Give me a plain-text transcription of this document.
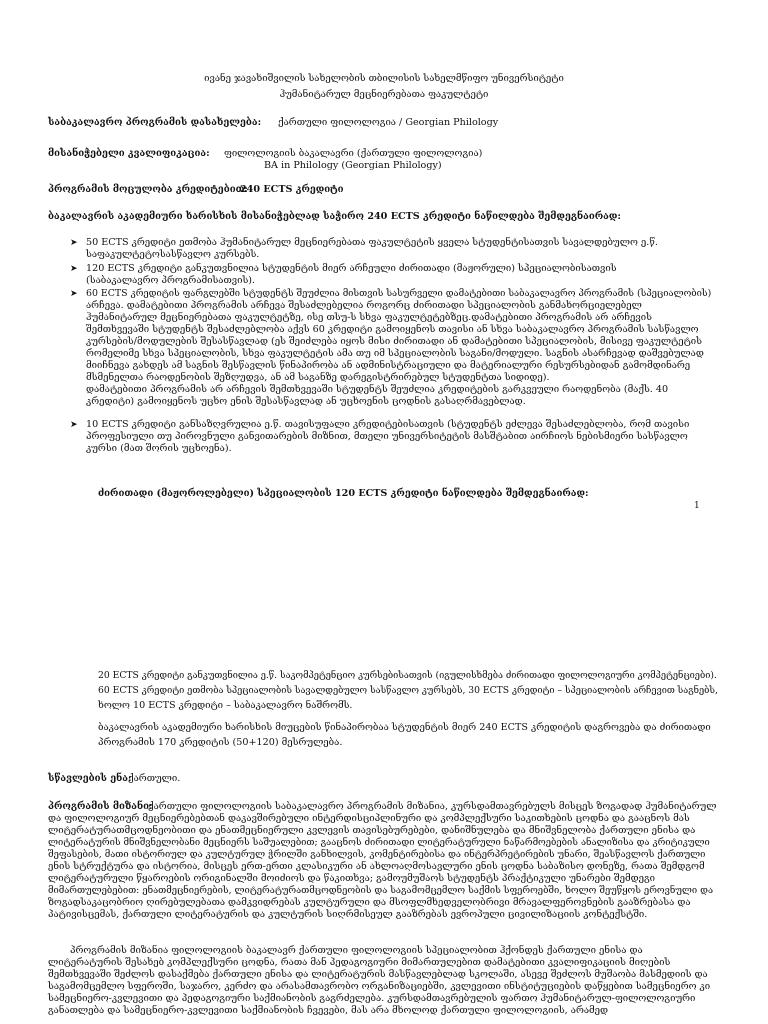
ივანე ჯავახიშვილის სახელობის თბილისის სახელმწიფო უნივერსიტეტი
ჰუმანიტარულ მეცნიერებათა ფაკულტეტი
საბაკალავრო პროგრამის დასახელება: ქართული ფილოლოგია / Georgian Philology
მისანიჭებელი კვალიფიკაცია: ფილოლოგიის ბაკალავრი (ქართული ფილოლოგია)
BA in Philology (Georgian Philology)
პროგრამის მოცულობა კრედიტებით:
240 ECTS კრედიტი
ბაკალავრის აკადემიური ხარისხის მისანიჭებლად საჭირო 240 ECTS კრედიტი ნაწილდება შემდეგნაირად:
➤ 50 ECTS კრედიტი ეთმობა ჰუმანიტარულ მეცნიერებათა ფაკულტეტის ყველა სტუდენტისათვის სავალდებულო ე.წ.
საფაკულტეტოსასწავლო კურსებს.
➤ 120 ECTS კრედიტი განკუთვნილია სტუდენტის მიერ არჩეული ძირითადი (მაჟორული) სპეციალობისათვის
(საბაკალავრო პროგრამისათვის).
➤ 60 ECTS კრედიტის ფარგლებში სტუდენტს შეუძლია მისთვის სასურველი დამატებითი საბაკალავრო პროგრამის (სპეციალობის)
არჩევა. დამატებითი პროგრამის არჩევა შესაძლებელია როგორც ძირითადი სპეციალობის განმახორციელებელ
ჰუმანიტარულ მეცნიერებათა ფაკულტეტზე, ისე თსუ-ს სხვა ფაკულტეტებზეც.დამატებითი პროგრამის არ არჩევის
შემთხვევაში სტუდენტს შესაძლებლობა აქვს 60 კრედიტი გამოიყენოს თავისი ან სხვა საბაკალავრო პროგრამის სასწავლო
კურსების/მოდულების შესასწავლად (ეს შეიძლება იყოს მისი ძირითადი ან დამატებითი სპეციალობის, მისივე ფაკულტეტის
რომელიმე სხვა სპეციალობის, სხვა ფაკულტეტის ამა თუ იმ სპეციალობის საგანი/მოდული. საგნის ასარჩევად დაშვებულად
მიიჩნევა გახდეს ამ საგნის შესწავლის წინაპირობა ან ადმინისტრაციული და მატერიალური რესურსებიდან გამომდინარე
მსმენელთა რაოდენობის შეზღუდვა, ან ამ საგანზე დარეგისტრირებულ სტუდენტთა სიდიდე).
დამატებითი პროგრამის არ არჩევის შემთხვევაში სტუდენტს შეუძლია კრედიტების გარკვეული რაოდენობა (მაქს. 40
კრედიტი) გამოიყენოს უცხო ენის შესასწავლად ან უცხოენის ცოდნის გასაღრმავებლად.
➤ 10 ECTS კრედიტი განსაზღვრულია ე.წ. თავისუფალი კრედიტებისათვის (სტუდენტს ეძლევა შესაძლებლობა, რომ თავისი
პროფესიული თუ პიროვნული განვითარების მიზნით, მთელი უნივერსიტეტის მასშტაბით აირჩიოს ნებისმიერი სასწავლო
კურსი (მათ შორის უცხოენა).
ძირითადი (მაჟოროლებელი) სპეციალობის 120 ECTS კრედიტი ნაწილდება შემდეგნაირად:
1
20 ECTS კრედიტი განკუთვნილია ე.წ. საკომპეტენციო კურსებისათვის (იგულისხმება ძირითადი ფილოლოგიური კომპეტენციები).
60 ECTS კრედიტი ეთმობა სპეციალობის სავალდებულო სასწავლო კურსებს, 30 ECTS კრედიტი – სპეციალობის არჩევით საგნებს,
ხოლო 10 ECTS კრედიტი – საბაკალავრო ნაშრომს.
ბაკალავრის აკადემიური ხარისხის მიუცების წინაპირობაა სტუდენტის მიერ 240 ECTS კრედიტის დაგროვება და ძირითადი
პროგრამის 170 კრედიტის (50+120) მესრულება.
სწავლების ენა:
ქართული.
პროგრამის მიზანი:
ქართული ფილოლოგიის საბაკალავრო პროგრამის მიზანია, კურსდამთავრებულს მისცეს ზოგადად ჰუმანიტარულ
და ფილოლოგიურ მეცნიერებებთან დაკავშირებული ინტერდისციპლინური და კომპლექსური საკითხების ცოდნა და გააცნოს მას
ლიტერატურათმცოდნეობითი და ენათმეცნიერული კვლევის თავისებურებები, დანიშნულება და მნიშვნელობა ქართული ენისა და
ლიტერატურის მნიშვნელობანი მეცნიერს საშუალებით; გააცნოს ძირითადი ლიტერატურული ნაწარმოებების ანალიზისა და კრიტიკული
შეფასების, მათი ისტორიულ და კულტურულ ჭრილში განხილვის, კომენტირებისა და ინტერპრეტირების უნარი, შეასწავლოს ქართული
ენის სტრუქტურა და ისტორია, მისცეს ერთ-ერთი კლასიკური ან ახლოაღმოსავლური ენის ცოდნა საბაზისო დონეზე, რათა შემდგომ
ლიტერატურული წყაროების ორიგინალში მოიძიოს და წაკითხვა; გამოუმუშაოს სტუდენტს პრაქტიკული უნარები შემდეგი
მიმართულებებით: ენათმეცნიერების, ლიტერატურათმცოდნეობის და საგამომცემლო საქმის სფეროებში, ხოლო შეუწყოს ეროვნული და
ზოგადსაკაცობრიო ღირებულებათა დამკვიდრებას კულტურული და მსოფლმხედველობრივი მრავალფეროვნების გააზრებასა და
პატივისცემას, ქართული ლიტერატურის და კულტურის სიღრმისეულ გააზრებას ევროპული ცივილიზაციის კონტექსტში.
პროგრამის მიზანია ფილოლოგიის ბაკალავრ ქართული ფილოლოგიის სპეციალობით ჰქონდეს ქართული ენისა და
ლიტერატურის შესახებ კომპლექსური ცოდნა, რათა მან პედაგოგიური მიმართულებით დამატებითი კვალიფიკაციის მიღების
შემთხვევაში შეძლოს დასაქმება ქართული ენისა და ლიტერატურის მასწავლებლად სკოლაში, ასევე შეძლოს მუშაობა მასმედიის და
საგამომცემლო სფეროში, საჯარო, კერძო და არასამთავრობო ორგანიზაციებში, კვლევითი ინსტიტუციების დაწყებით სამეცნიერო კი
სამეცნიერო-კვლევითი და პედაგოგიური საქმიანობის გაგრძელება. კურსდამთავრებულის ფართო ჰუმანიტარულ-ფილოლოგიური
განათლება და სამეცნიერო-კვლევითი საქმიანობის ჩვევები, მას არა მხოლოდ ქართული ფილოლოგიის, არამედ
